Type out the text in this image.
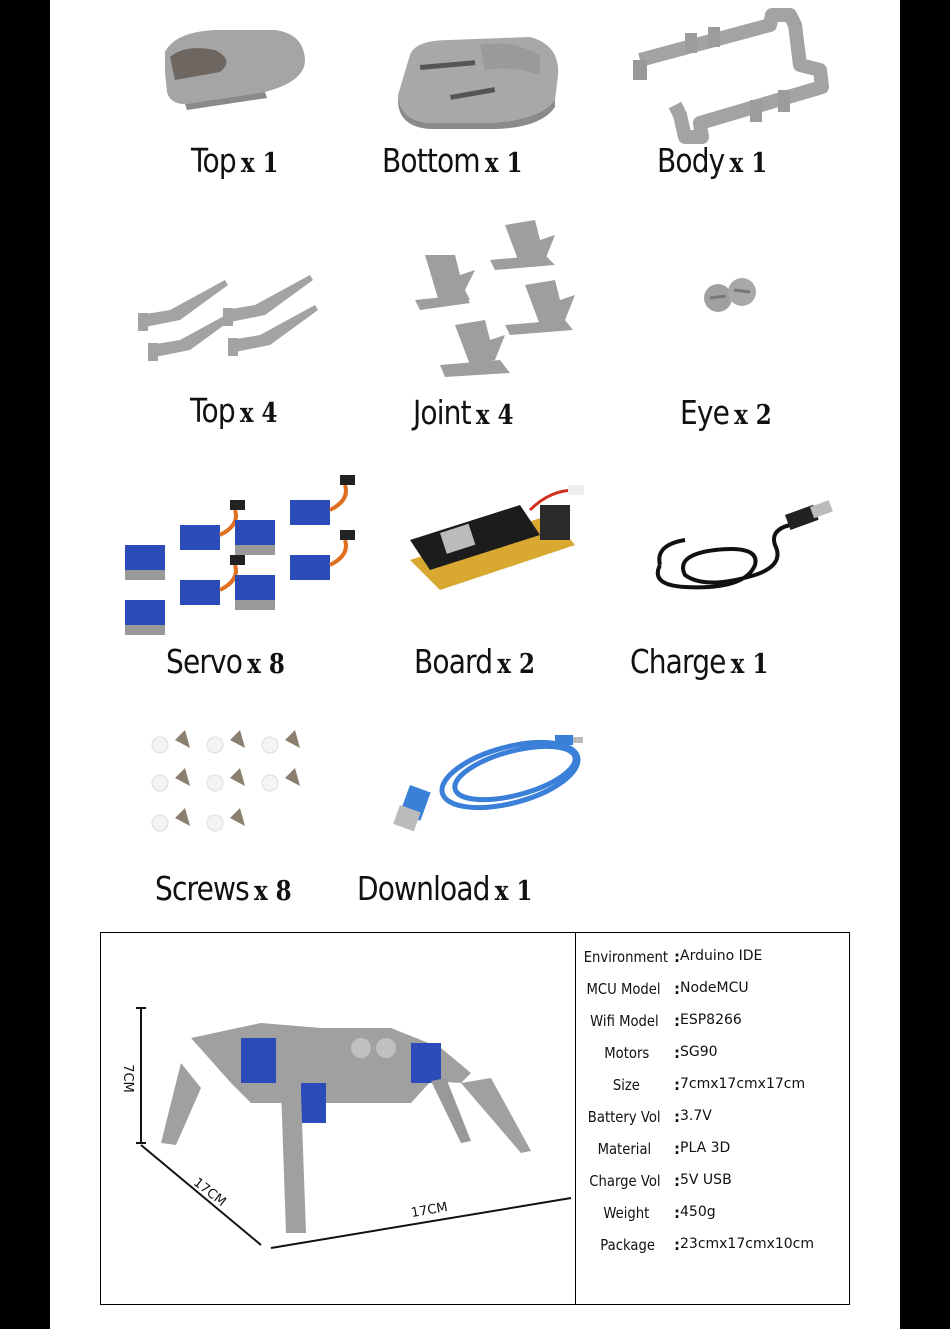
Top x 1	Bottom x 1	Body x 1
Top x 4	Joint x 4	Eye x 2
Servo x 8	Board x 2	Charge x 1
Screws x 8 Download x 1
7CM
17CM
17CM
Environment : Arduino IDE
MCU Model : NodeMCU
Wifi Model : ESP8266
Motors : SG90
Size : 7cmx17cmx17cm
Battery Vol : 3.7V
Material : PLA 3D
Charge Vol : 5V USB
Weight : 450g
Package : 23cmx17cmx10cm
